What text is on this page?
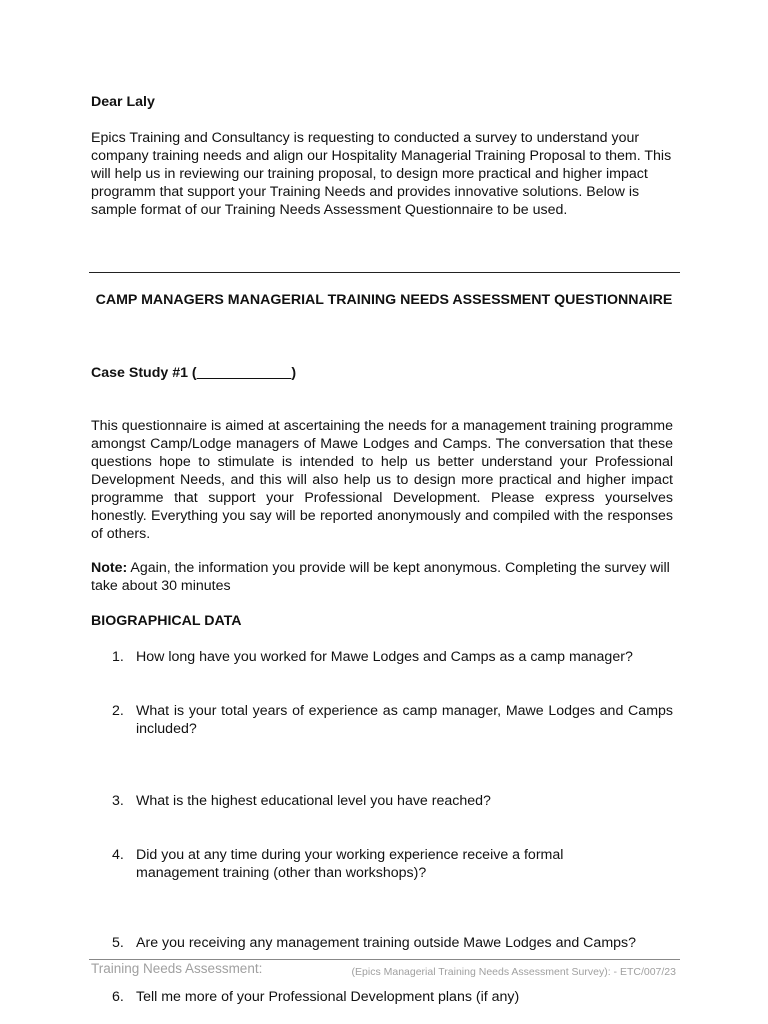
Dear Laly

Epics Training and Consultancy is requesting to conducted a survey to understand your company training needs and align our Hospitality Managerial Training Proposal to them. This will help us in reviewing our training proposal, to design more practical and higher impact programm that support your Training Needs and provides innovative solutions. Below is sample format of our Training Needs Assessment Questionnaire to be used.

CAMP MANAGERS MANAGERIAL TRAINING NEEDS ASSESSMENT QUESTIONNAIRE

Case Study #1 (____________)

This questionnaire is aimed at ascertaining the needs for a management training programme amongst Camp/Lodge managers of Mawe Lodges and Camps. The conversation that these questions hope to stimulate is intended to help us better understand your Professional Development Needs, and this will also help us to design more practical and higher impact programme that support your Professional Development. Please express yourselves honestly. Everything you say will be reported anonymously and compiled with the responses of others.

Note: Again, the information you provide will be kept anonymous. Completing the survey will take about 30 minutes

BIOGRAPHICAL DATA

1. How long have you worked for Mawe Lodges and Camps as a camp manager?
2. What is your total years of experience as camp manager, Mawe Lodges and Camps included?
3. What is the highest educational level you have reached?
4. Did you at any time during your working experience receive a formal management training (other than workshops)?
5. Are you receiving any management training outside Mawe Lodges and Camps?
6. Tell me more of your Professional Development plans (if any)
Training Needs Assessment:	(Epics Managerial Training Needs Assessment Survey): - ETC/007/23
